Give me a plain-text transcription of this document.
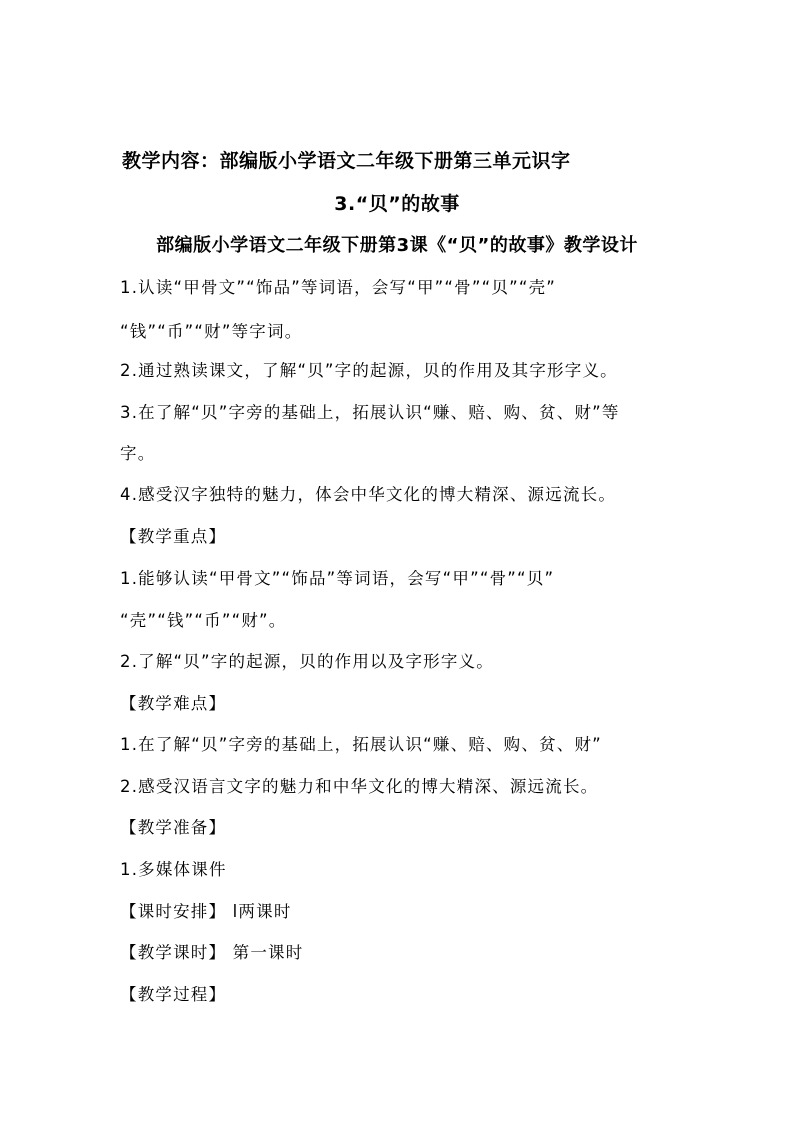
教学内容：部编版小学语文二年级下册第三单元识字
3.“贝”的故事
部编版小学语文二年级下册第3课《“贝”的故事》教学设计
1.认读“甲骨文”“饰品”等词语，会写“甲”“骨”“贝”“壳”
“钱”“币”“财”等字词。
2.通过熟读课文，了解“贝”字的起源，贝的作用及其字形字义。
3.在了解“贝”字旁的基础上，拓展认识“赚、赔、购、贫、财”等
字。
4.感受汉字独特的魅力，体会中华文化的博大精深、源远流长。
【教学重点】
1.能够认读“甲骨文”“饰品”等词语，会写“甲”“骨”“贝”
“壳”“钱”“币”“财”。
2.了解“贝”字的起源，贝的作用以及字形字义。
【教学难点】
1.在了解“贝”字旁的基础上，拓展认识“赚、赔、购、贫、财”
2.感受汉语言文字的魅力和中华文化的博大精深、源远流长。
【教学准备】
1.多媒体课件
【课时安排】 l两课时
【教学课时】 第一课时
【教学过程】
